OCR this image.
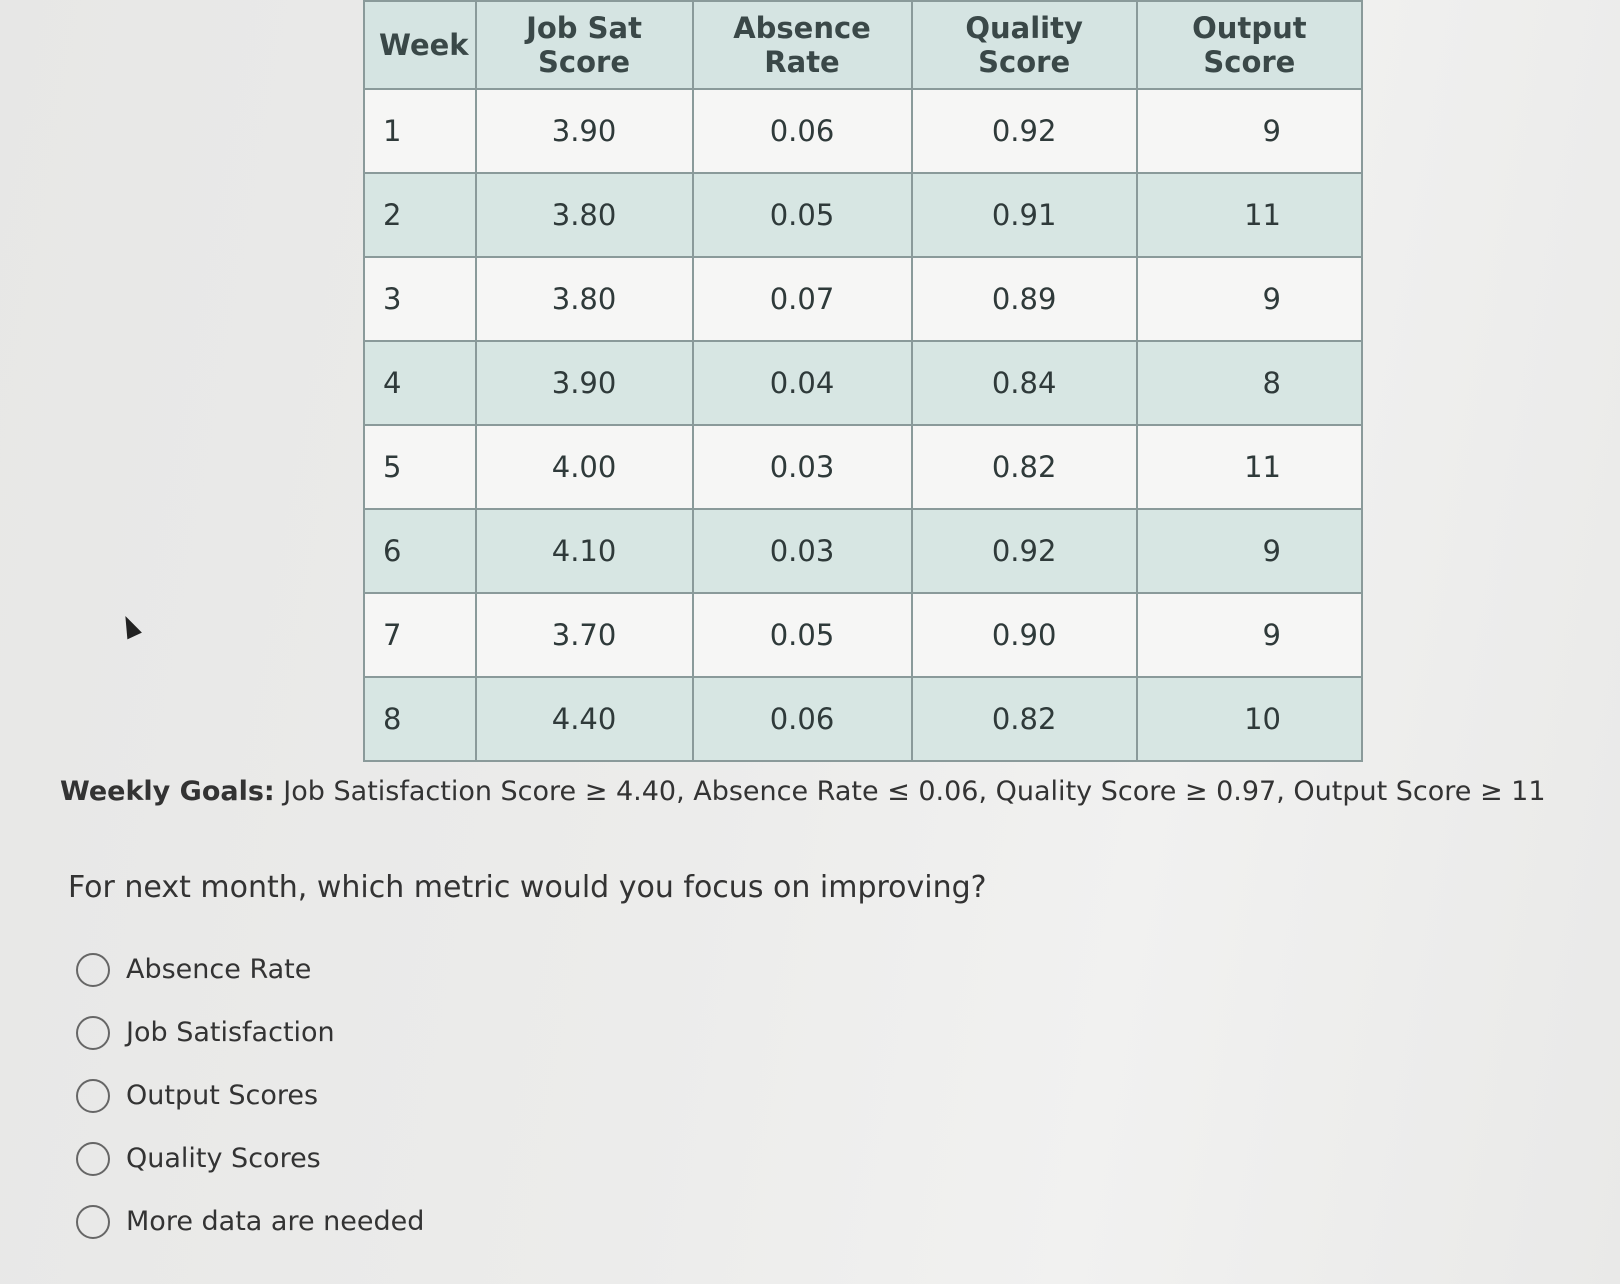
Week	Job Sat Score	Absence Rate	Quality Score	Output Score
1	3.90	0.06	0.92	9
2	3.80	0.05	0.91	11
3	3.80	0.07	0.89	9
4	3.90	0.04	0.84	8
5	4.00	0.03	0.82	11
6	4.10	0.03	0.92	9
7	3.70	0.05	0.90	9
8	4.40	0.06	0.82	10
Weekly Goals: Job Satisfaction Score ≥ 4.40, Absence Rate ≤ 0.06, Quality Score ≥ 0.97, Output Score ≥ 11
For next month, which metric would you focus on improving?
Absence Rate
Job Satisfaction
Output Scores
Quality Scores
More data are needed
